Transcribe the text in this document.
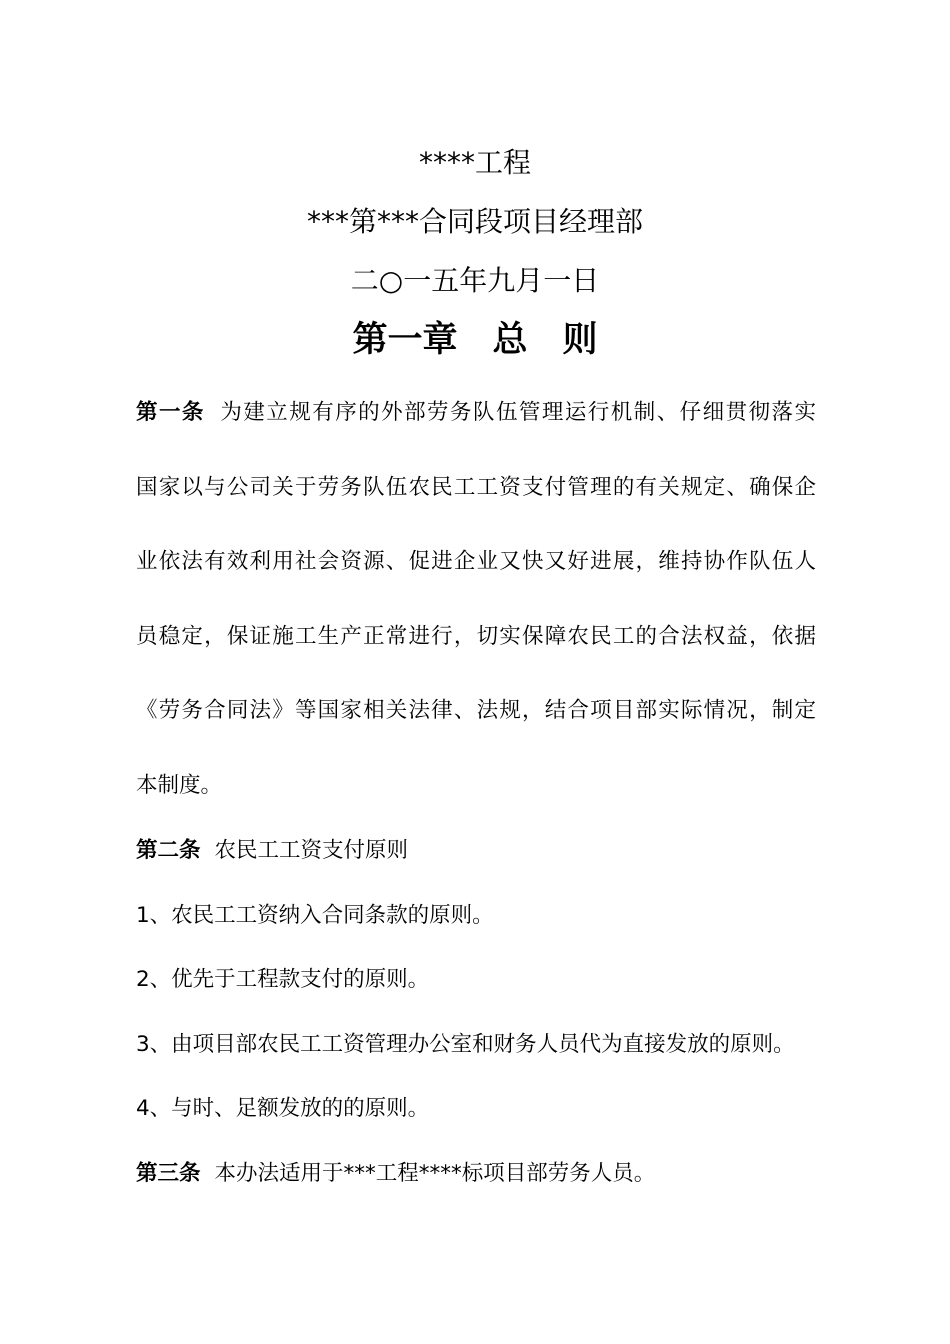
****工程
***第***合同段项目经理部
二○一五年九月一日
第一章　总　则
第一条 为建立规有序的外部劳务队伍管理运行机制、仔细贯彻落实
国家以与公司关于劳务队伍农民工工资支付管理的有关规定、确保企
业依法有效利用社会资源、促进企业又快又好进展，维持协作队伍人
员稳定，保证施工生产正常进行，切实保障农民工的合法权益，依据
《劳务合同法》等国家相关法律、法规，结合项目部实际情况，制定
本制度。
第二条 农民工工资支付原则
1、农民工工资纳入合同条款的原则。
2、优先于工程款支付的原则。
3、由项目部农民工工资管理办公室和财务人员代为直接发放的原则。
4、与时、足额发放的的原则。
第三条 本办法适用于***工程****标项目部劳务人员。
